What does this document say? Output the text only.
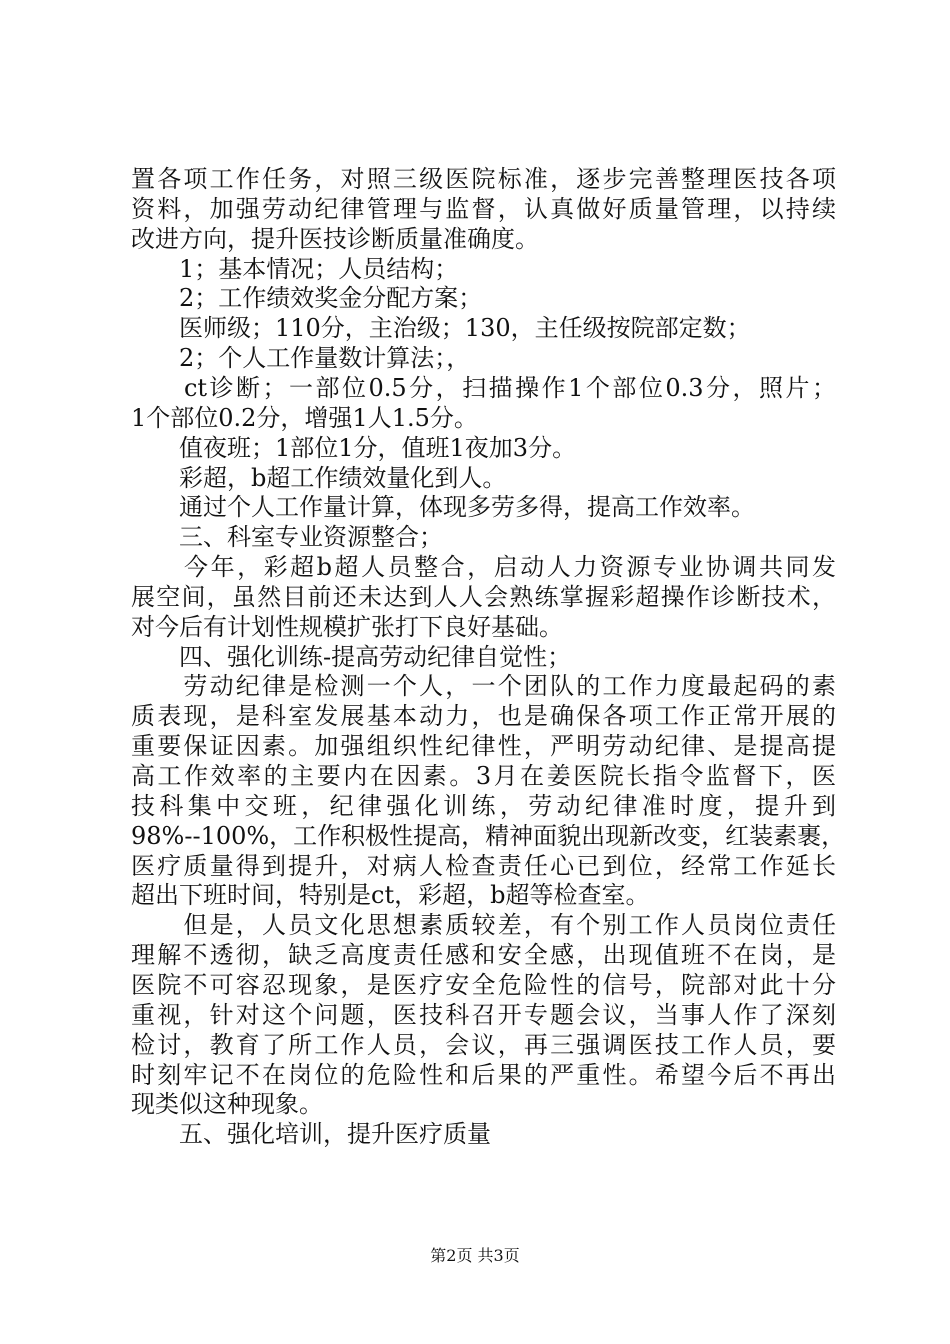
置各项工作任务，对照三级医院标准，逐步完善整理医技各项
资料，加强劳动纪律管理与监督，认真做好质量管理，以持续
改进方向，提升医技诊断质量准确度。
　　1；基本情况；人员结构；
　　2；工作绩效奖金分配方案；
　　医师级；110分，主治级；130，主任级按院部定数；
　　2；个人工作量数计算法；，
　　ct诊断；一部位0.5分，扫描操作1个部位0.3分，照片；
1个部位0.2分，增强1人1.5分。
　　值夜班；1部位1分，值班1夜加3分。
　　彩超，b超工作绩效量化到人。
　　通过个人工作量计算，体现多劳多得，提高工作效率。
　　三、科室专业资源整合；
　　今年，彩超b超人员整合，启动人力资源专业协调共同发
展空间，虽然目前还未达到人人会熟练掌握彩超操作诊断技术，
对今后有计划性规模扩张打下良好基础。
　　四、强化训练-提高劳动纪律自觉性；
　　劳动纪律是检测一个人，一个团队的工作力度最起码的素
质表现，是科室发展基本动力，也是确保各项工作正常开展的
重要保证因素。加强组织性纪律性，严明劳动纪律、是提高提
高工作效率的主要内在因素。3月在姜医院长指令监督下，医
技科集中交班，纪律强化训练，劳动纪律准时度，提升到
98%--100%，工作积极性提高，精神面貌出现新改变，红装素裹，
医疗质量得到提升，对病人检查责任心已到位，经常工作延长
超出下班时间，特别是ct，彩超，b超等检查室。
　　但是，人员文化思想素质较差，有个别工作人员岗位责任
理解不透彻，缺乏高度责任感和安全感，出现值班不在岗，是
医院不可容忍现象，是医疗安全危险性的信号，院部对此十分
重视，针对这个问题，医技科召开专题会议，当事人作了深刻
检讨，教育了所工作人员，会议，再三强调医技工作人员，要
时刻牢记不在岗位的危险性和后果的严重性。希望今后不再出
现类似这种现象。
　　五、强化培训，提升医疗质量
第2页 共3页
